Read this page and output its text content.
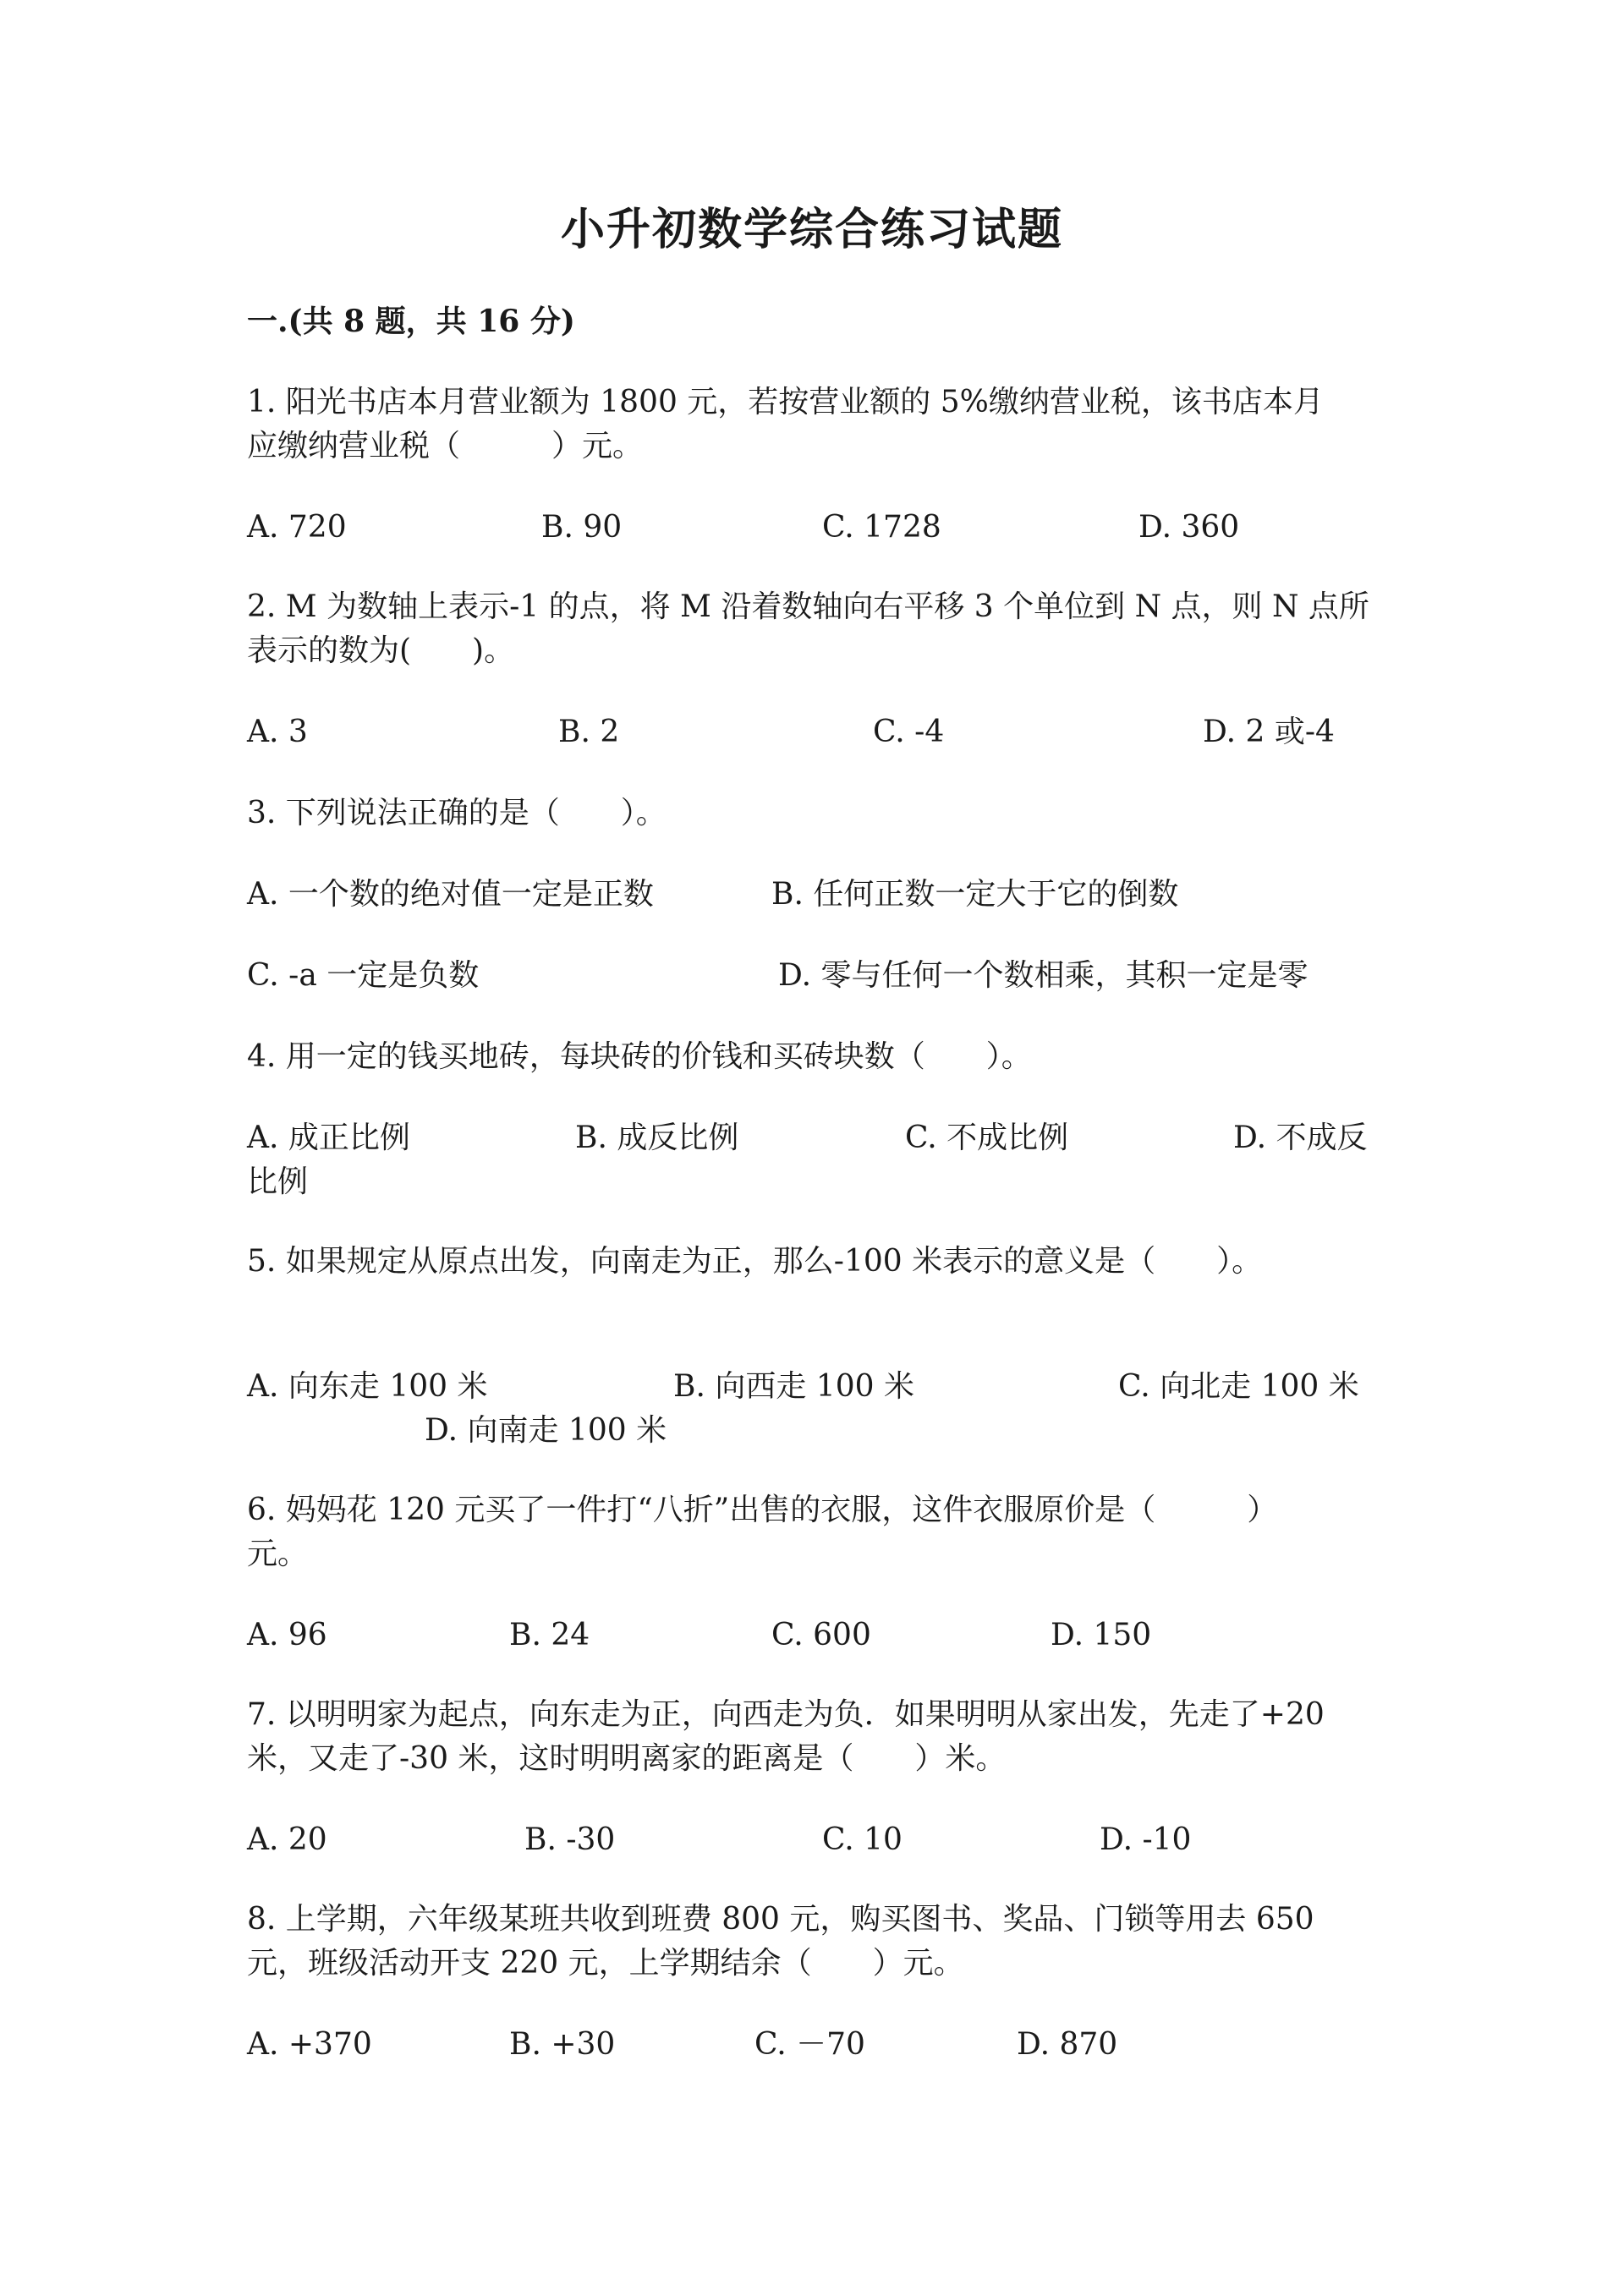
小升初数学综合练习试题
一.(共 8 题，共 16 分)
1. 阳光书店本月营业额为 1800 元，若按营业额的 5%缴纳营业税，该书店本月
应缴纳营业税（　　　）元。
A. 720	B. 90	C. 1728	D. 360
2. M 为数轴上表示-1 的点，将 M 沿着数轴向右平移 3 个单位到 N 点，则 N 点所
表示的数为(　　)。
A. 3	B. 2	C. -4	D. 2 或-4
3. 下列说法正确的是（　　）。
A. 一个数的绝对值一定是正数	B. 任何正数一定大于它的倒数
C. -a 一定是负数	D. 零与任何一个数相乘，其积一定是零
4. 用一定的钱买地砖，每块砖的价钱和买砖块数（　　）。
A. 成正比例	B. 成反比例	C. 不成比例	D. 不成反
比例
5. 如果规定从原点出发，向南走为正，那么-100 米表示的意义是（　　）。
A. 向东走 100 米	B. 向西走 100 米	C. 向北走 100 米
D. 向南走 100 米
6. 妈妈花 120 元买了一件打“八折”出售的衣服，这件衣服原价是（　　　）
元。
A. 96	B. 24	C. 600	D. 150
7. 以明明家为起点，向东走为正，向西走为负．如果明明从家出发，先走了+20
米，又走了-30 米，这时明明离家的距离是（　　）米。
A. 20	B. -30	C. 10	D. -10
8. 上学期，六年级某班共收到班费 800 元，购买图书、奖品、门锁等用去 650
元，班级活动开支 220 元，上学期结余（　　）元。
A. +370	B. +30	C. －70	D. 870
